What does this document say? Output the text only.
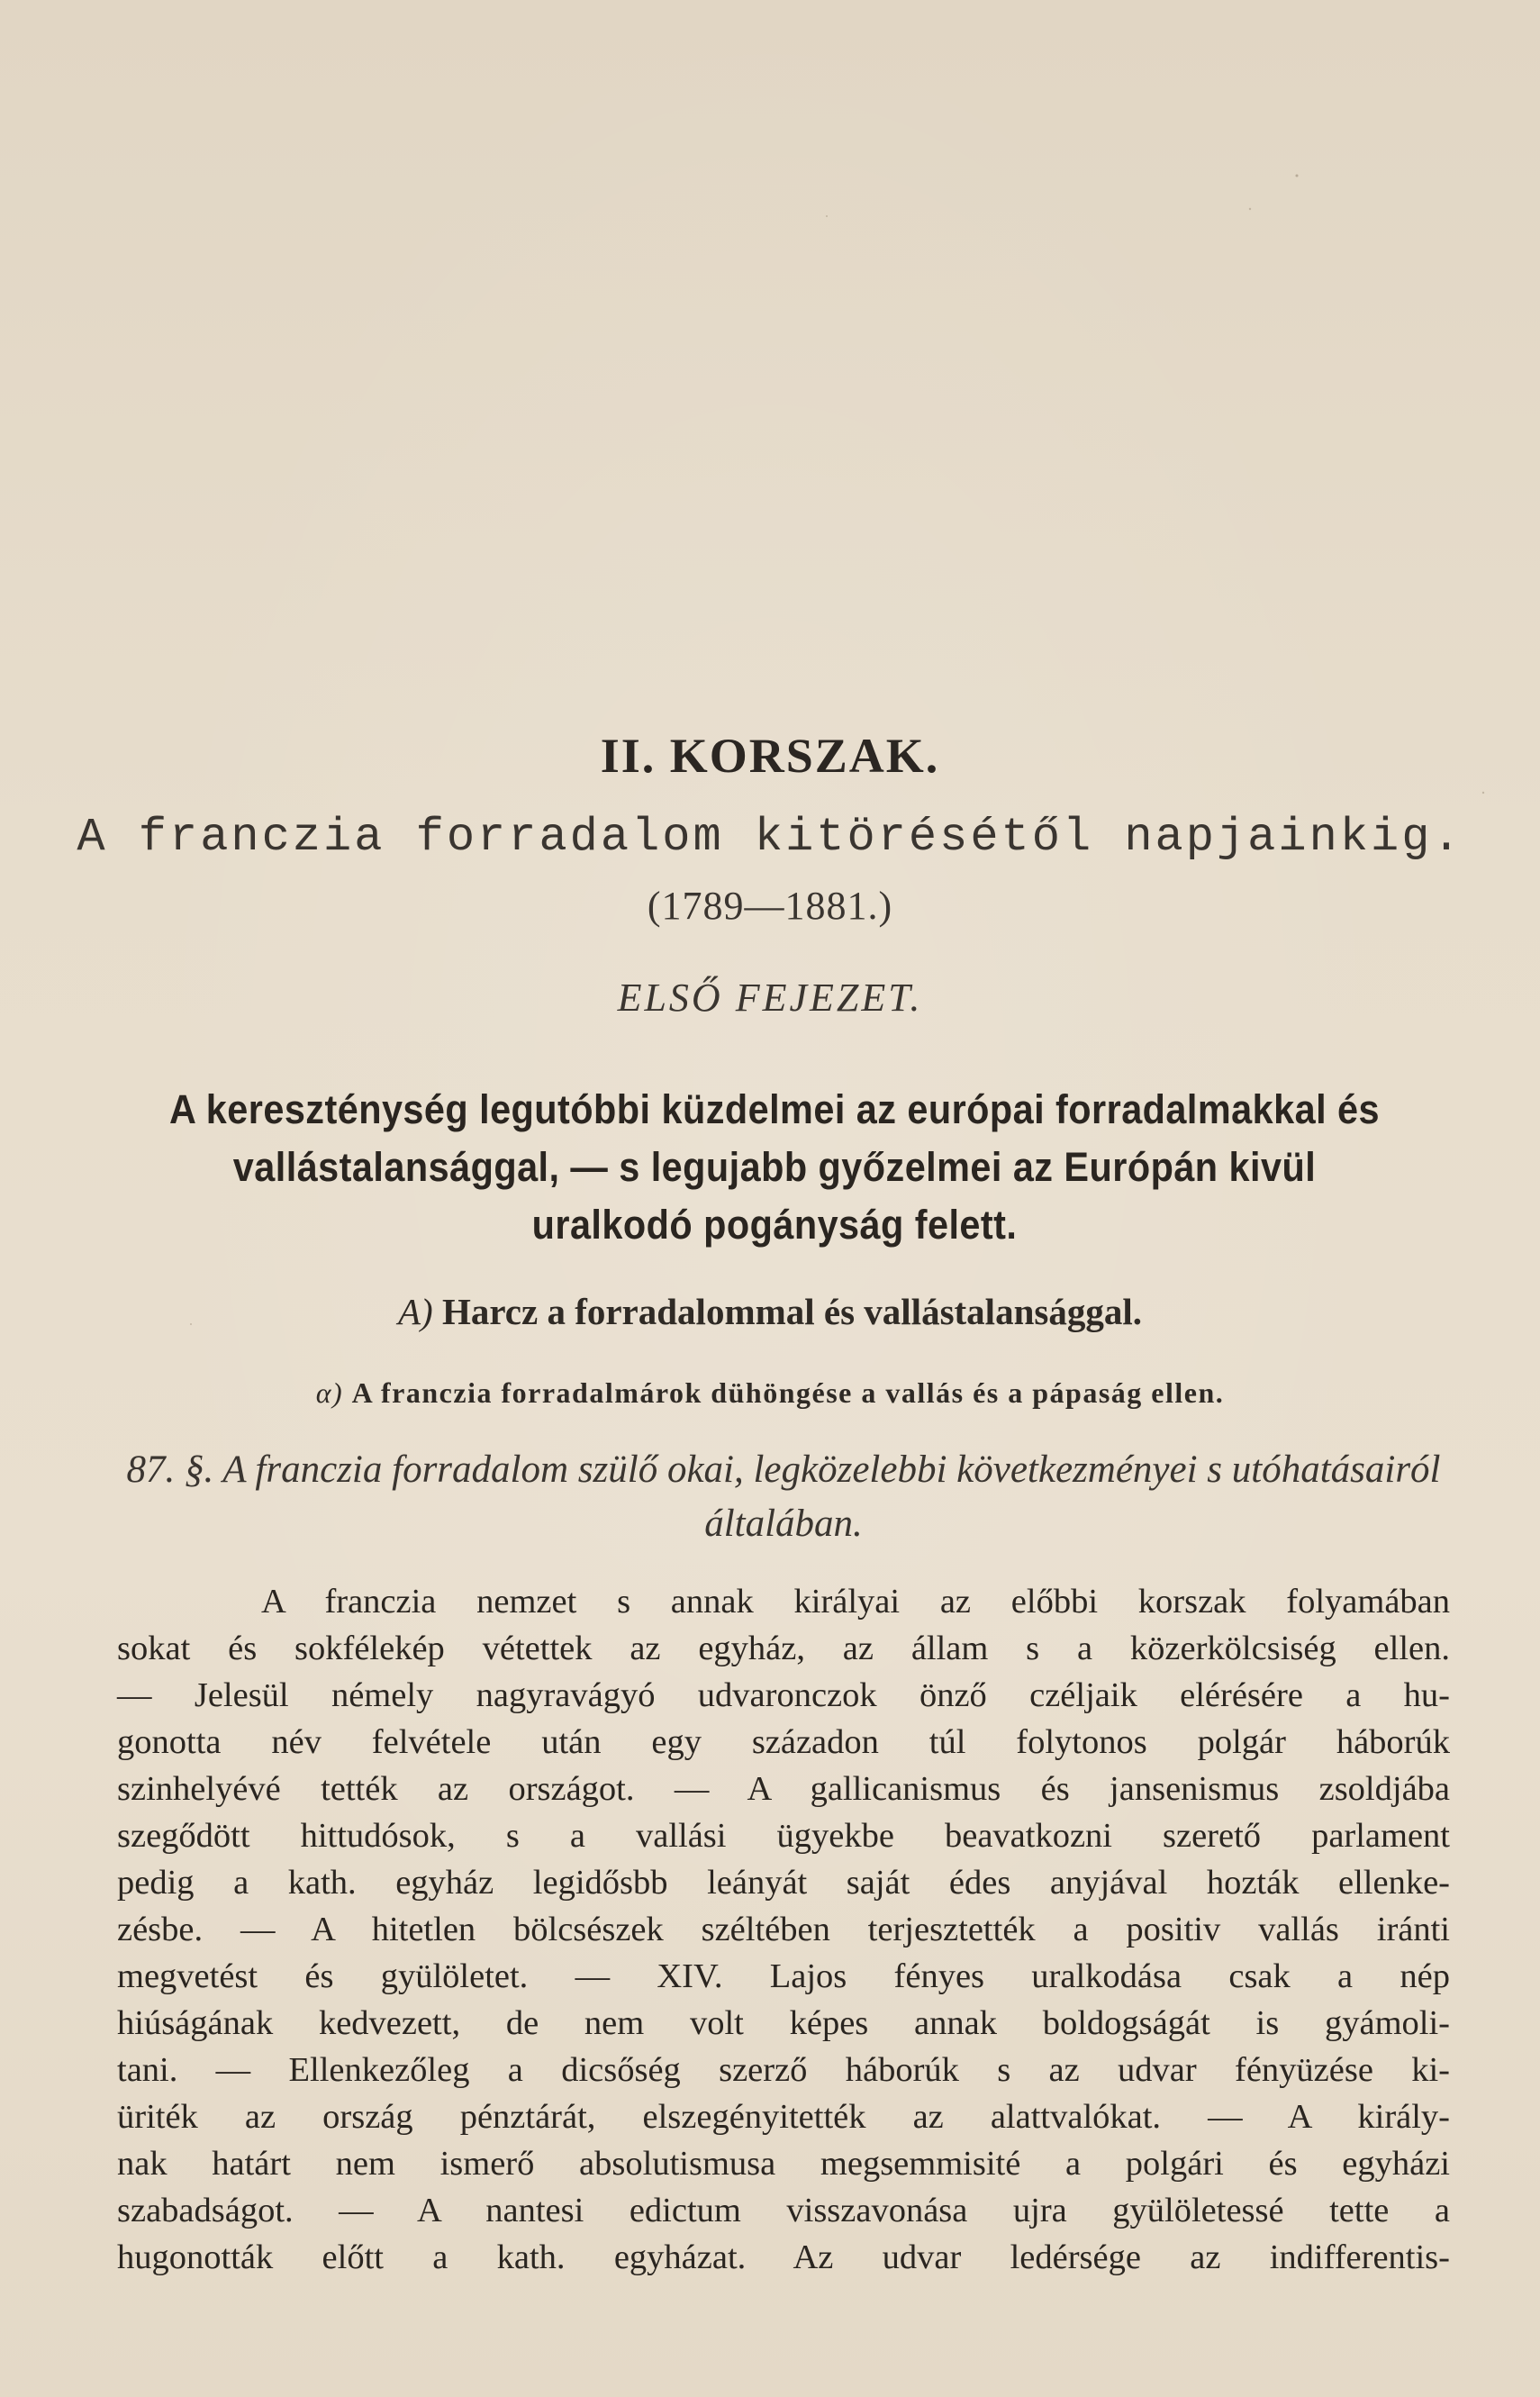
II. KORSZAK.
A franczia forradalom kitörésétől napjainkig.
(1789—1881.)
ELSŐ FEJEZET.
A kereszténység legutóbbi küzdelmei az európai forradalmakkal és vallástalansággal, — s legujabb győzelmei az Európán kivül uralkodó pogányság felett.
A) Harcz a forradalommal és vallástalansággal.
α) A franczia forradalmárok dühöngése a vallás és a pápaság ellen.
87. §. A franczia forradalom szülő okai, legközelebbi következményei s utóhatásairól általában.
A franczia nemzet s annak királyai az előbbi korszak folyamában
sokat és sokfélekép vétettek az egyház, az állam s a közerkölcsiség ellen.
— Jelesül némely nagyravágyó udvaronczok önző czéljaik elérésére a hu-
gonotta név felvétele után egy századon túl folytonos polgár háborúk
szinhelyévé tették az országot. — A gallicanismus és jansenismus zsoldjába
szegődött hittudósok, s a vallási ügyekbe beavatkozni szerető parlament
pedig a kath. egyház legidősbb leányát saját édes anyjával hozták ellenke-
zésbe. — A hitetlen bölcsészek széltében terjesztették a positiv vallás iránti
megvetést és gyülöletet. — XIV. Lajos fényes uralkodása csak a nép
hiúságának kedvezett, de nem volt képes annak boldogságát is gyámoli-
tani. — Ellenkezőleg a dicsőség szerző háborúk s az udvar fényüzése ki-
üriték az ország pénztárát, elszegényitették az alattvalókat. — A király-
nak határt nem ismerő absolutismusa megsemmisité a polgári és egyházi
szabadságot. — A nantesi edictum visszavonása ujra gyülöletessé tette a
hugonották előtt a kath. egyházat. Az udvar ledérsége az indifferentis-
